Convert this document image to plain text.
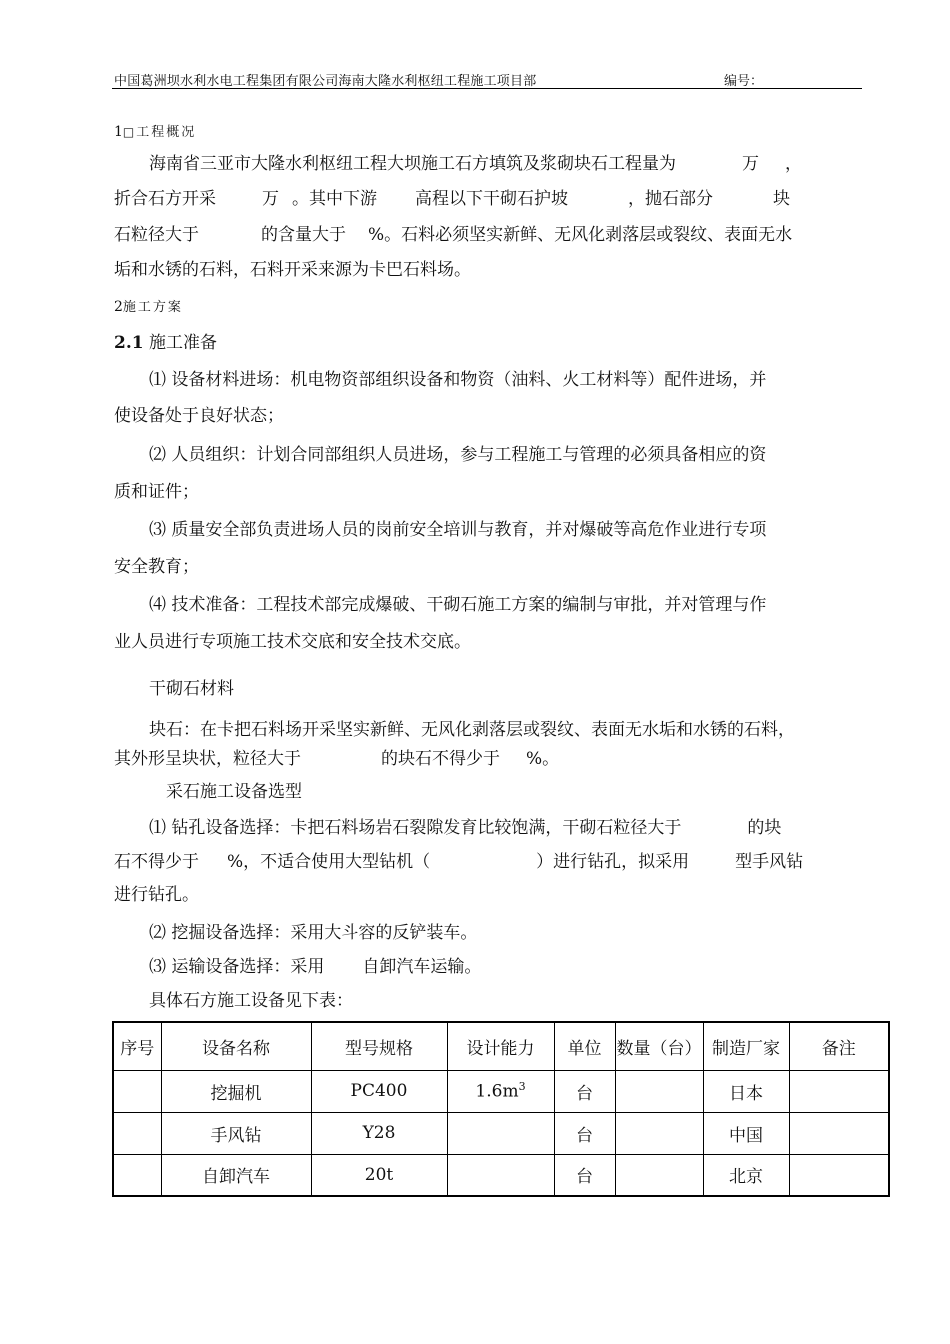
中国葛洲坝水利水电工程集团有限公司海南大隆水利枢纽工程施工项目部	编号：
1□工程概况
海南省三亚市大隆水利枢纽工程大坝施工石方填筑及浆砌块石工程量为	万 ，
折合石方开采	万 。其中下游 高程以下干砌石护坡	，抛石部分	块
石粒径大于	的含量大于 %。石料必须坚实新鲜、无风化剥落层或裂纹、表面无水
垢和水锈的石料，石料开采来源为卡巴石料场。
2施工方案
2.1 施工准备
⑴ 设备材料进场：机电物资部组织设备和物资（油料、火工材料等）配件进场，并
使设备处于良好状态；
⑵ 人员组织：计划合同部组织人员进场，参与工程施工与管理的必须具备相应的资
质和证件；
⑶ 质量安全部负责进场人员的岗前安全培训与教育，并对爆破等高危作业进行专项
安全教育；
⑷ 技术准备：工程技术部完成爆破、干砌石施工方案的编制与审批，并对管理与作
业人员进行专项施工技术交底和安全技术交底。
干砌石材料
块石：在卡把石料场开采坚实新鲜、无风化剥落层或裂纹、表面无水垢和水锈的石料，
其外形呈块状，粒径大于	的块石不得少于 %。
采石施工设备选型
⑴ 钻孔设备选择：卡把石料场岩石裂隙发育比较饱满，干砌石粒径大于	的块
石不得少于 %，不适合使用大型钻机（	）进行钻孔，拟采用	型手风钻
进行钻孔。
⑵ 挖掘设备选择：采用大斗容的反铲装车。
⑶ 运输设备选择：采用 自卸汽车运输。
具体石方施工设备见下表：
序号	设备名称	型号规格	设计能力	单位	数量（台）	制造厂家	备注
	挖掘机	PC400	$1.6m^3$	台		日本	
	手风钻	Y28		台		中国	
	自卸汽车	20t		台		北京	
